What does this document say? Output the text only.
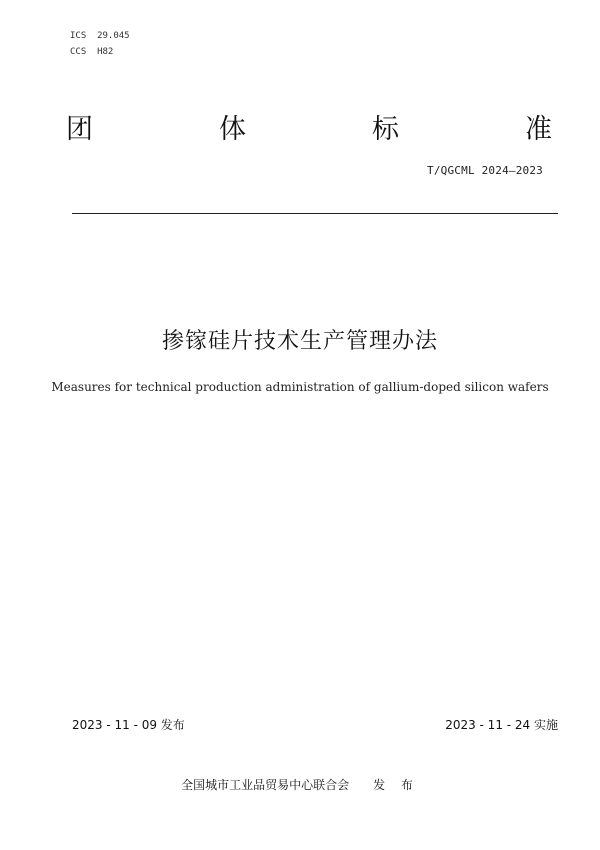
ICS  29.045
CCS  H82
团	体	标	准
T/QGCML 2024—2023
掺镓硅片技术生产管理办法
Measures for technical production administration of gallium-doped silicon wafers
2023 - 11 - 09 发布	2023 - 11 - 24 实施
全国城市工业品贸易中心联合会 发 布
